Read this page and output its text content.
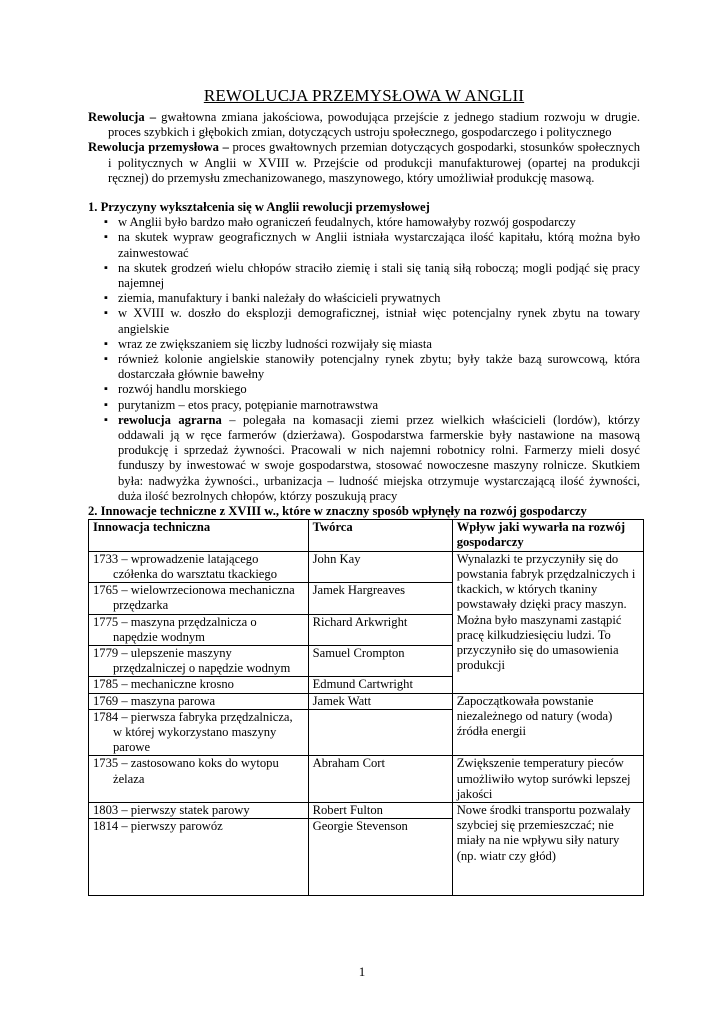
REWOLUCJA PRZEMYSŁOWA W ANGLII

Rewolucja – gwałtowna zmiana jakościowa, powodująca przejście z jednego stadium rozwoju w drugie. proces szybkich i głębokich zmian, dotyczących ustroju społecznego, gospodarczego i politycznego

Rewolucja przemysłowa – proces gwałtownych przemian dotyczących gospodarki, stosunków społecznych i politycznych w Anglii w XVIII w. Przejście od produkcji manufakturowej (opartej na produkcji ręcznej) do przemysłu zmechanizowanego, maszynowego, który umożliwiał produkcję masową.

1. Przyczyny wykształcenia się w Anglii rewolucji przemysłowej

▪ w Anglii było bardzo mało ograniczeń feudalnych, które hamowałyby rozwój gospodarczy
▪ na skutek wypraw geograficznych w Anglii istniała wystarczająca ilość kapitału, którą można było zainwestować
▪ na skutek grodzeń wielu chłopów straciło ziemię i stali się tanią siłą roboczą; mogli podjąć się pracy najemnej
▪ ziemia, manufaktury i banki należały do właścicieli prywatnych
▪ w XVIII w. doszło do eksplozji demograficznej, istniał więc potencjalny rynek zbytu na towary angielskie
▪ wraz ze zwiększaniem się liczby ludności rozwijały się miasta
▪ również kolonie angielskie stanowiły potencjalny rynek zbytu; były także bazą surowcową, która dostarczała głównie bawełny
▪ rozwój handlu morskiego
▪ purytanizm – etos pracy, potępianie marnotrawstwa
▪ rewolucja agrarna – polegała na komasacji ziemi przez wielkich właścicieli (lordów), którzy oddawali ją w ręce farmerów (dzierżawa). Gospodarstwa farmerskie były nastawione na masową produkcję i sprzedaż żywności. Pracowali w nich najemni robotnicy rolni. Farmerzy mieli dosyć funduszy by inwestować w swoje gospodarstwa, stosować nowoczesne maszyny rolnicze. Skutkiem była: nadwyżka żywności., urbanizacja – ludność miejska otrzymuje wystarczającą ilość żywności, duża ilość bezrolnych chłopów, którzy poszukują pracy

2. Innowacje techniczne z XVIII w., które w znaczny sposób wpłynęły na rozwój gospodarczy

Innowacja techniczna	Twórca	Wpływ jaki wywarła na rozwój gospodarczy

1733 – wprowadzenie latającego czółenka do warsztatu tkackiego	John Kay	Wynalazki te przyczyniły się do powstania fabryk przędzalniczych i tkackich, w których tkaniny powstawały dzięki pracy maszyn. Można było maszynami zastąpić pracę kilkudziesięciu ludzi. To przyczyniło się do umasowienia produkcji

1765 – wielowrzecionowa mechaniczna przędzarka	Jamek Hargreaves	

1775 – maszyna przędzalnicza o napędzie wodnym	Richard Arkwright	

1779 – ulepszenie maszyny przędzalniczej o napędzie wodnym	Samuel Crompton	

1785 – mechaniczne krosno	Edmund Cartwright	

1769 – maszyna parowa	Jamek Watt	Zapoczątkowała powstanie niezależnego od natury (woda) źródła energii

1784 – pierwsza fabryka przędzalnicza, w której wykorzystano maszyny parowe		

1735 – zastosowano koks do wytopu żelaza	Abraham Cort	Zwiększenie temperatury pieców umożliwiło wytop surówki lepszej jakości

1803 – pierwszy statek parowy	Robert Fulton	Nowe środki transportu pozwalały szybciej się przemieszczać; nie miały na nie wpływu siły natury (np. wiatr czy głód)

1814 – pierwszy parowóz	Georgie Stevenson	
1
